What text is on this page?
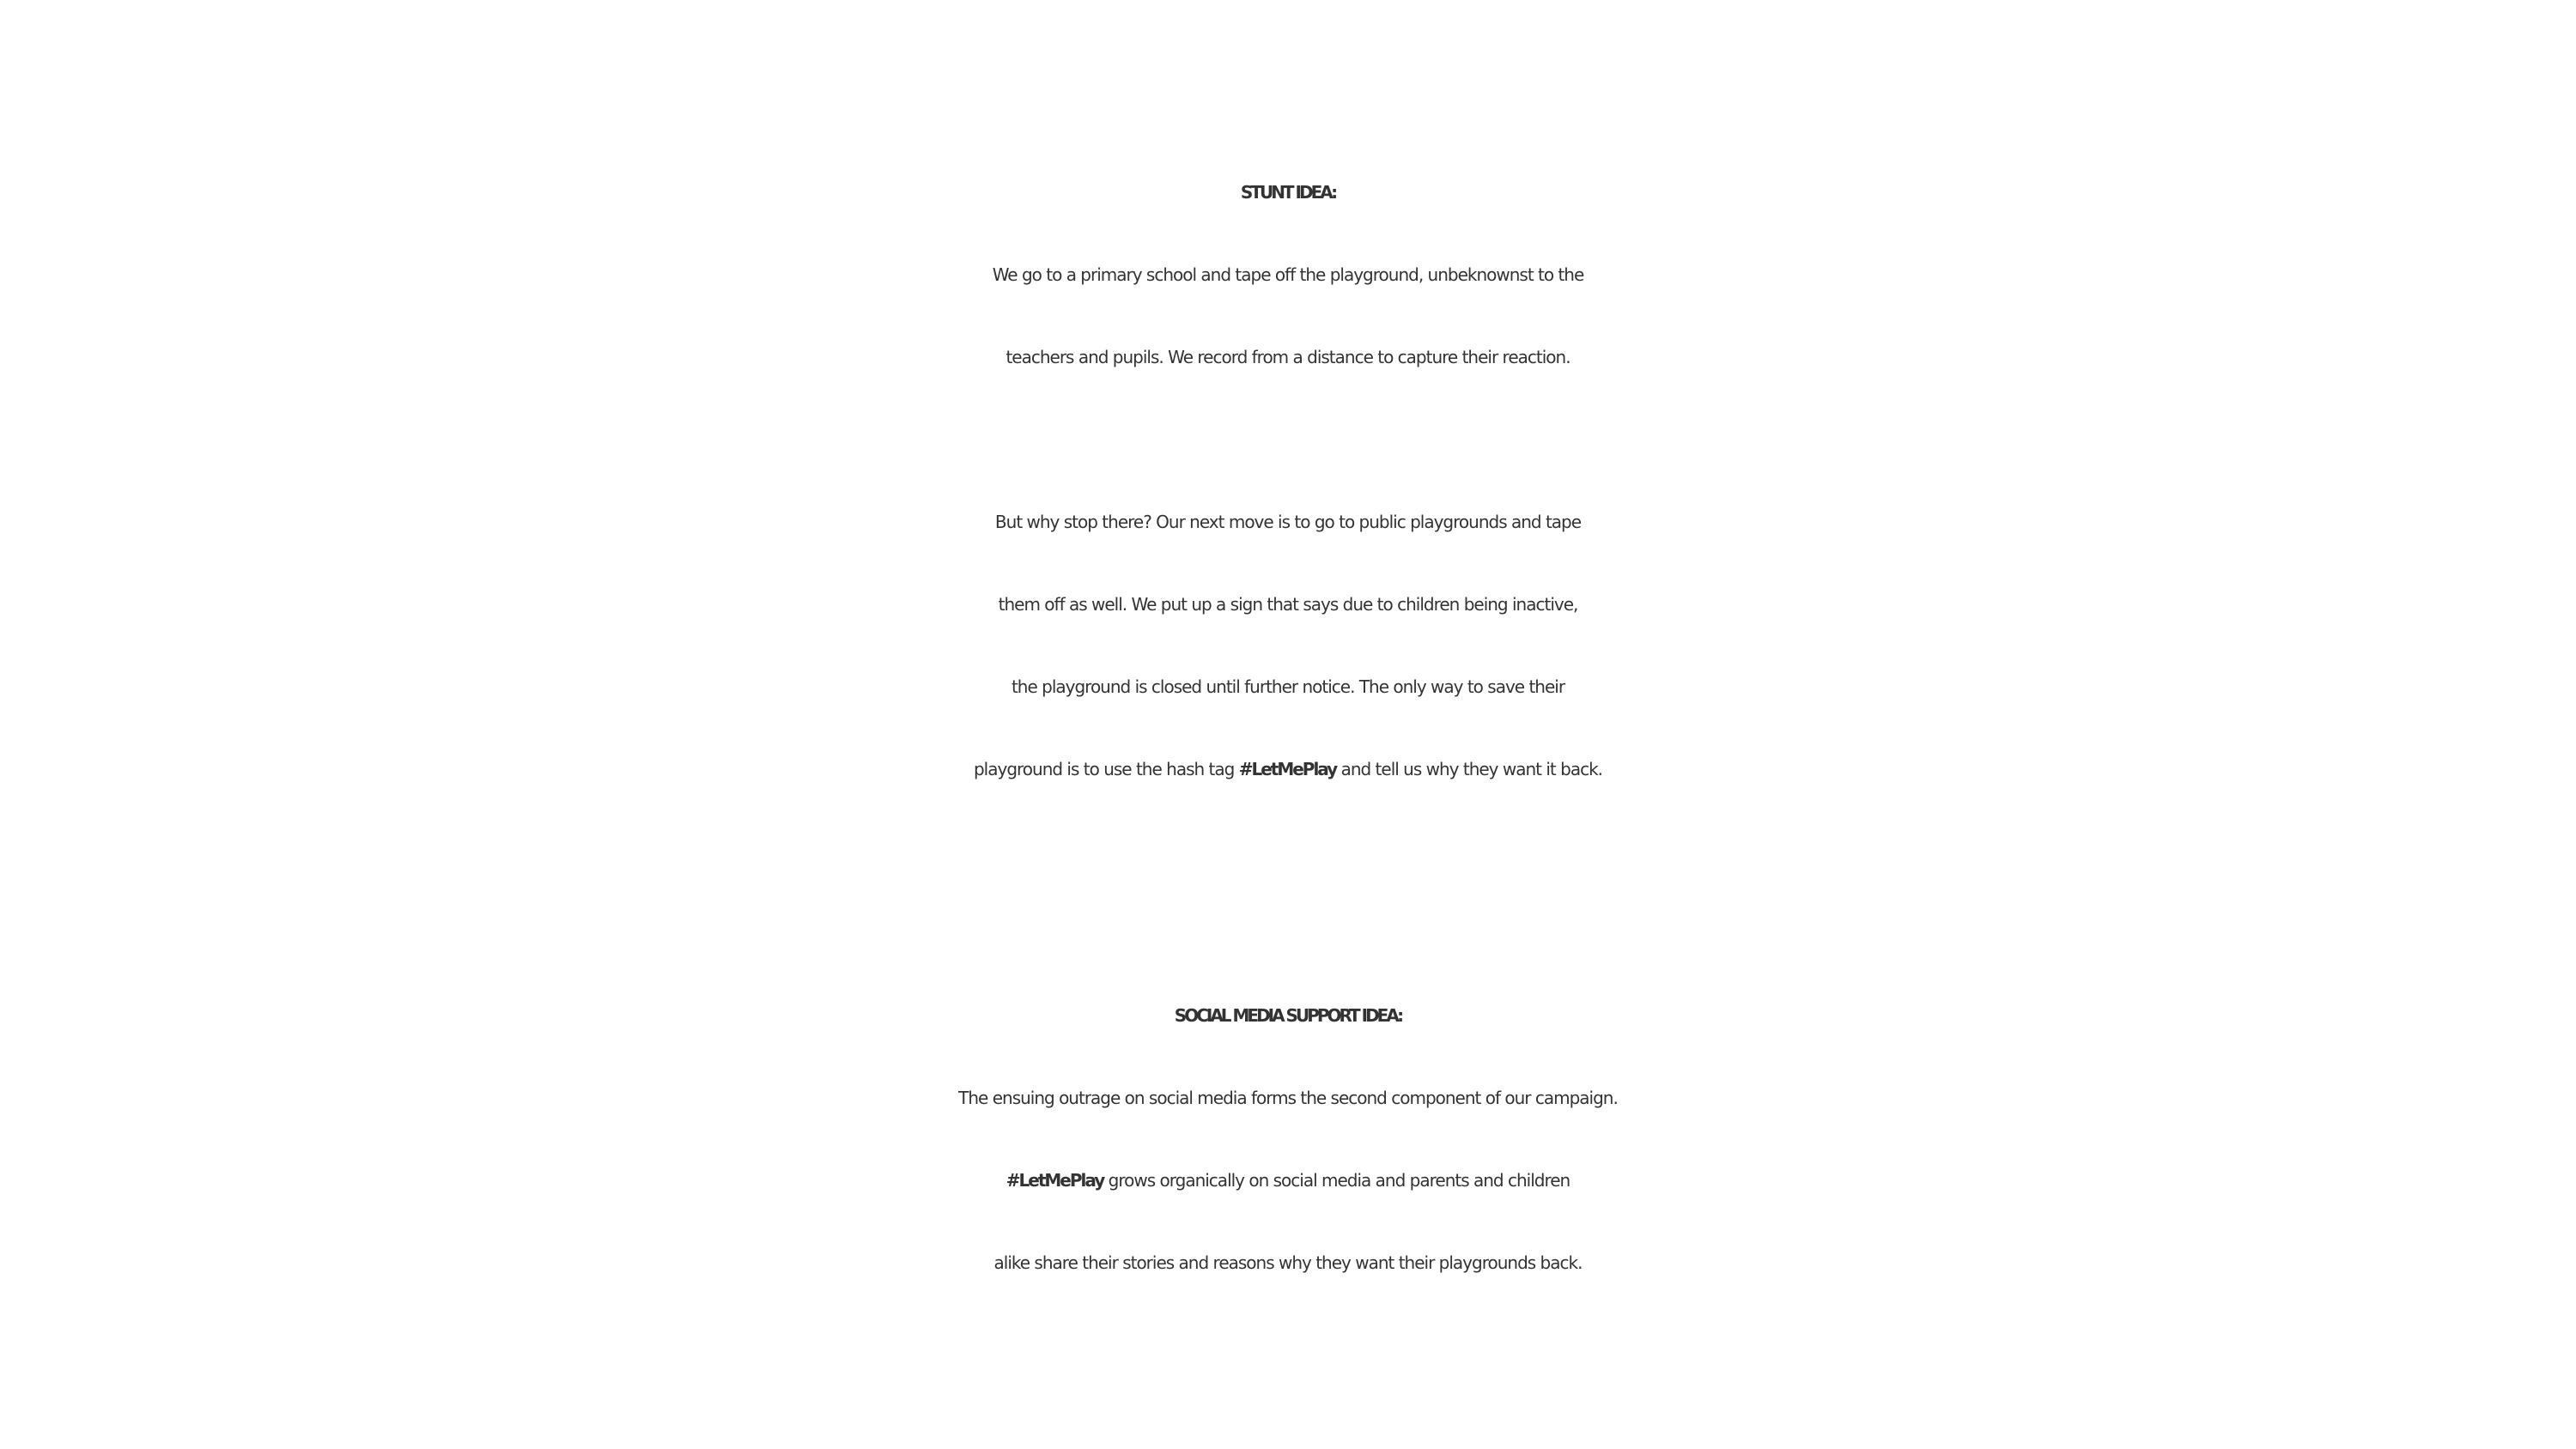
STUNT IDEA:
We go to a primary school and tape off the playground, unbeknownst to the
teachers and pupils. We record from a distance to capture their reaction.
But why stop there? Our next move is to go to public playgrounds and tape
them off as well. We put up a sign that says due to children being inactive,
the playground is closed until further notice. The only way to save their
playground is to use the hash tag #LetMePlay and tell us why they want it back.
SOCIAL MEDIA SUPPORT IDEA:
The ensuing outrage on social media forms the second component of our campaign.
#LetMePlay grows organically on social media and parents and children
alike share their stories and reasons why they want their playgrounds back.
